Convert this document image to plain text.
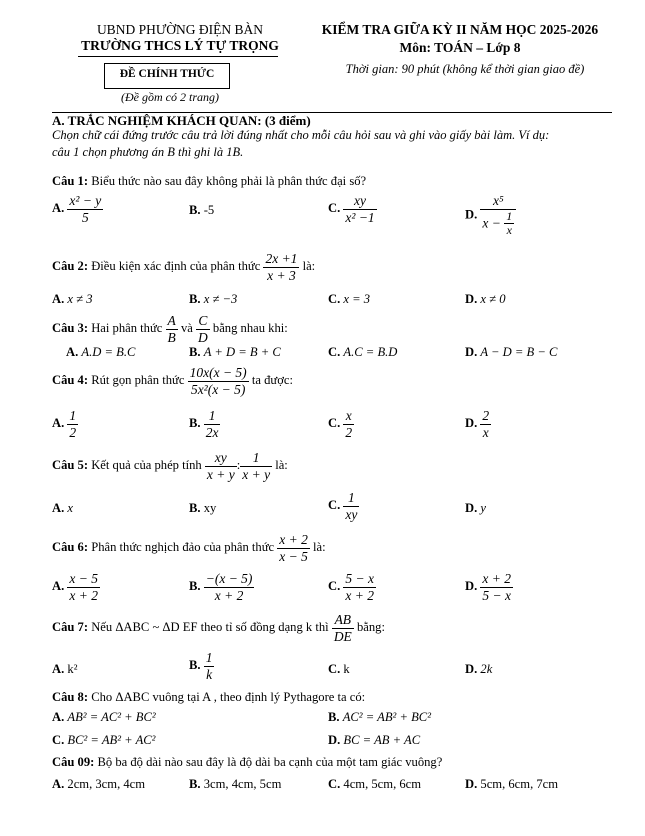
UBND PHƯỜNG ĐIỆN BÀN
TRƯỜNG THCS LÝ TỰ TRỌNG
ĐỀ CHÍNH THỨC
(Đề gồm có 2 trang)
KIỂM TRA GIỮA KỲ II NĂM HỌC 2025-2026
Môn: TOÁN – Lớp 8
Thời gian: 90 phút (không kể thời gian giao đề)
A. TRẮC NGHIỆM KHÁCH QUAN: (3 điểm)
Chọn chữ cái đứng trước câu trả lời đúng nhất cho mỗi câu hỏi sau và ghi vào giấy bài làm. Ví dụ:
câu 1 chọn phương án B thì ghi là 1B.
Câu 1: Biểu thức nào sau đây không phải là phân thức đại số?
A. $\frac{\text{x² − y}}{5}$	B. -5	C. $\frac{xy}{\text{x² −1}}$	D. $\frac{\text{x⁵}}{x - \frac{1}{x}}$
Câu 2: Điều kiện xác định của phân thức $\frac{2x +1}{x + 3}$ là:
A. x ≠ 3	B. x ≠ −3	C. x = 3	D. x ≠ 0
Câu 3: Hai phân thức $\frac{A}{B}$ và $\frac{C}{D}$ bằng nhau khi:
A. A.D = B.C	B. A + D = B + C	C. A.C = B.D	D. A − D = B − C
Câu 4: Rút gọn phân thức $\frac{10x(x - 5)}{\text{5x²(x − 5)}}$ ta được:
A. $\frac{1}{2}$	B. $\frac{1}{2x}$	C. $\frac{x}{2}$	D. $\frac{2}{x}$
Câu 5: Kết quả của phép tính $\frac{xy}{x + y}$ : $\frac{1}{x + y}$ là:
A. x	B. xy	C. $\frac{1}{xy}$	D. y
Câu 6: Phân thức nghịch đảo của phân thức $\frac{x + 2}{x - 5}$ là:
A. $\frac{x - 5}{x + 2}$	B. $\frac{-(x - 5)}{x + 2}$	C. $\frac{5 - x}{x + 2}$	D. $\frac{x + 2}{5 - x}$
Câu 7: Nếu ΔABC ~ ΔD EF theo tỉ số đồng dạng k thì $\frac{AB}{DE}$ bằng:
A. k²	B. $\frac{1}{k}$	C. k	D. 2k
Câu 8: Cho ΔABC vuông tại A , theo định lý Pythagore ta có:
A. AB² = AC² + BC²	B. AC² = AB² + BC²
C. BC² = AB² + AC²	D. BC = AB + AC
Câu 09: Bộ ba độ dài nào sau đây là độ dài ba cạnh của một tam giác vuông?
A. 2cm, 3cm, 4cm	B. 3cm, 4cm, 5cm	C. 4cm, 5cm, 6cm	D. 5cm, 6cm, 7cm
